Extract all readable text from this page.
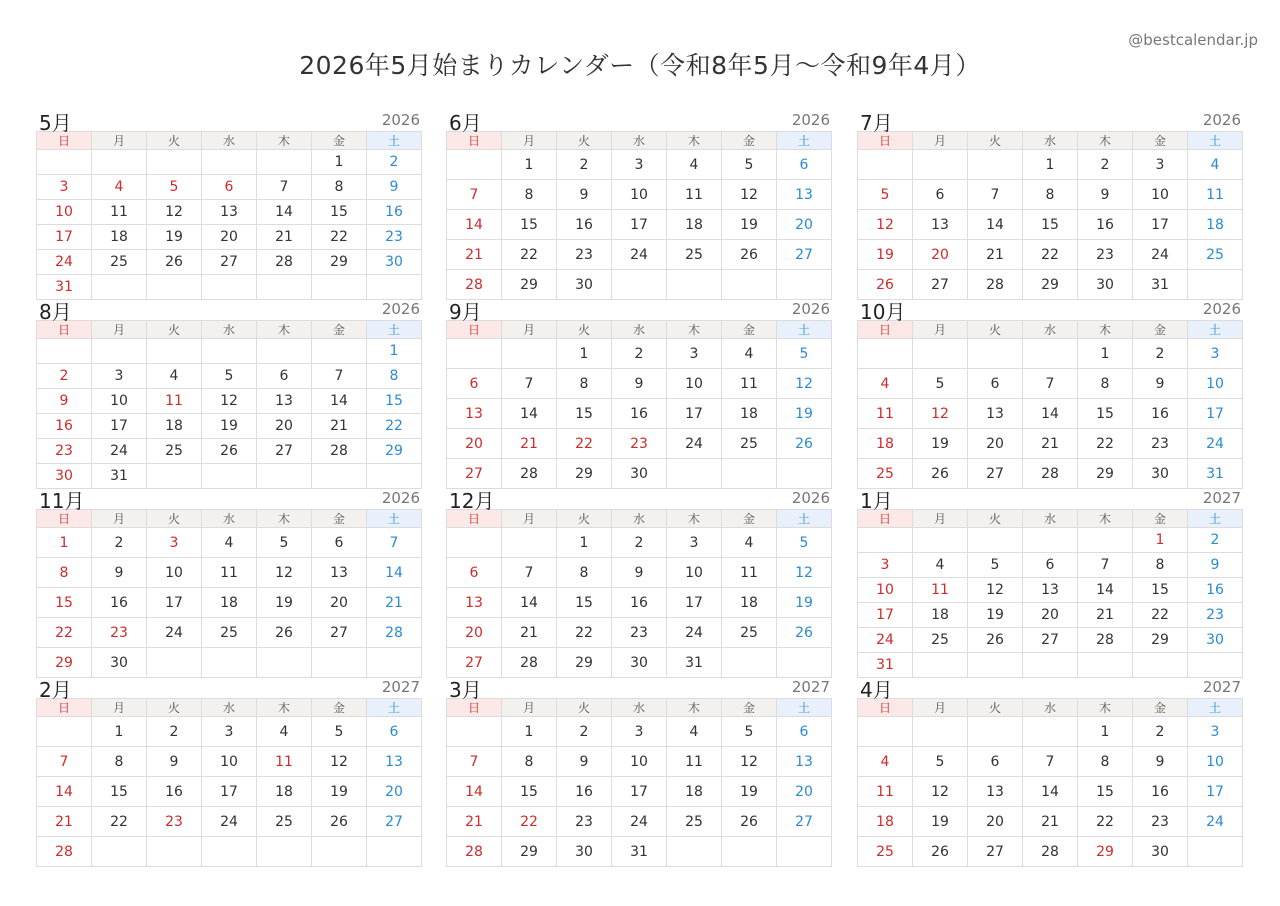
2026年5月始まりカレンダー（令和8年5月〜令和9年4月）
@bestcalendar.jp
5月	2026
日	月	火	水	木	金	土
					1	2
3	4	5	6	7	8	9
10	11	12	13	14	15	16
17	18	19	20	21	22	23
24	25	26	27	28	29	30
31						
6月	2026
日	月	火	水	木	金	土
	1	2	3	4	5	6
7	8	9	10	11	12	13
14	15	16	17	18	19	20
21	22	23	24	25	26	27
28	29	30				
7月	2026
日	月	火	水	木	金	土
			1	2	3	4
5	6	7	8	9	10	11
12	13	14	15	16	17	18
19	20	21	22	23	24	25
26	27	28	29	30	31	
8月	2026
日	月	火	水	木	金	土
						1
2	3	4	5	6	7	8
9	10	11	12	13	14	15
16	17	18	19	20	21	22
23	24	25	26	27	28	29
30	31					
9月	2026
日	月	火	水	木	金	土
		1	2	3	4	5
6	7	8	9	10	11	12
13	14	15	16	17	18	19
20	21	22	23	24	25	26
27	28	29	30			
10月	2026
日	月	火	水	木	金	土
				1	2	3
4	5	6	7	8	9	10
11	12	13	14	15	16	17
18	19	20	21	22	23	24
25	26	27	28	29	30	31
11月	2026
日	月	火	水	木	金	土
1	2	3	4	5	6	7
8	9	10	11	12	13	14
15	16	17	18	19	20	21
22	23	24	25	26	27	28
29	30					
12月	2026
日	月	火	水	木	金	土
		1	2	3	4	5
6	7	8	9	10	11	12
13	14	15	16	17	18	19
20	21	22	23	24	25	26
27	28	29	30	31		
1月	2027
日	月	火	水	木	金	土
					1	2
3	4	5	6	7	8	9
10	11	12	13	14	15	16
17	18	19	20	21	22	23
24	25	26	27	28	29	30
31						
2月	2027
日	月	火	水	木	金	土
	1	2	3	4	5	6
7	8	9	10	11	12	13
14	15	16	17	18	19	20
21	22	23	24	25	26	27
28						
3月	2027
日	月	火	水	木	金	土
	1	2	3	4	5	6
7	8	9	10	11	12	13
14	15	16	17	18	19	20
21	22	23	24	25	26	27
28	29	30	31			
4月	2027
日	月	火	水	木	金	土
				1	2	3
4	5	6	7	8	9	10
11	12	13	14	15	16	17
18	19	20	21	22	23	24
25	26	27	28	29	30	
